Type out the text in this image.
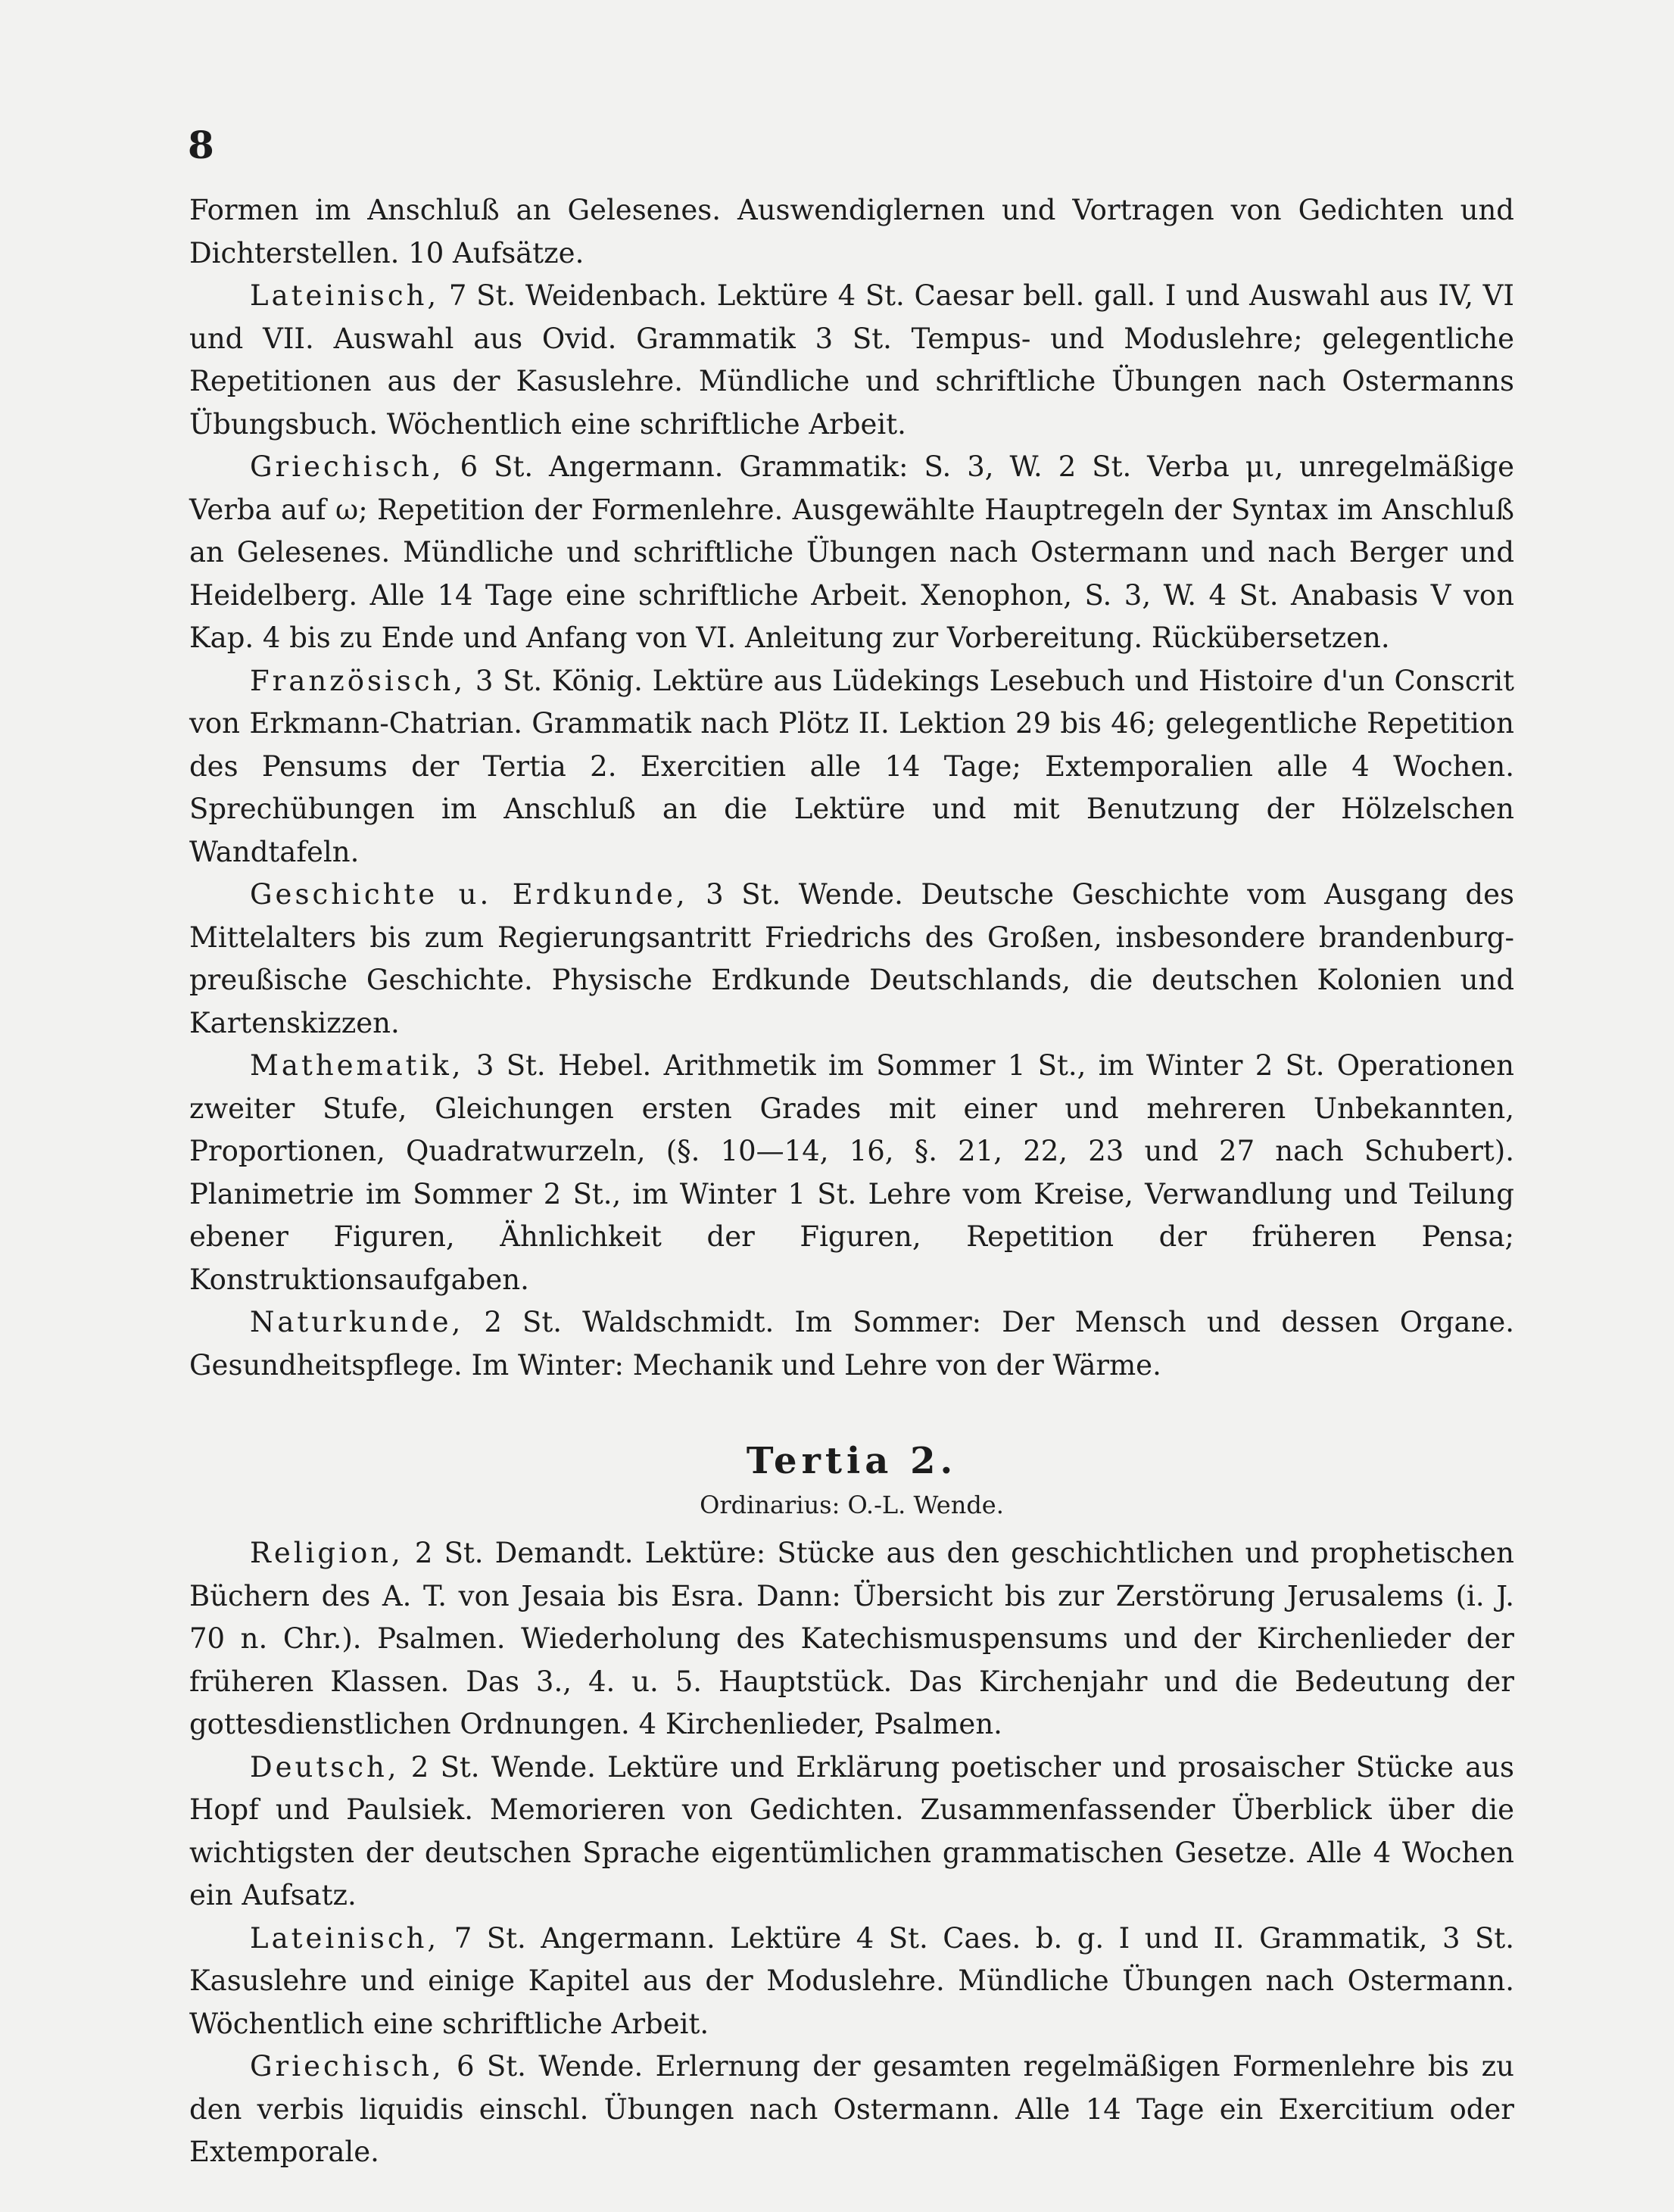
8

Formen im Anschluß an Gelesenes. Auswendiglernen und Vortragen von Gedichten und Dichterstellen. 10 Aufsätze.

Lateinisch, 7 St. Weidenbach. Lektüre 4 St. Caesar bell. gall. I und Auswahl aus IV, VI und VII. Auswahl aus Ovid. Grammatik 3 St. Tempus- und Moduslehre; gelegentliche Repetitionen aus der Kasuslehre. Mündliche und schriftliche Übungen nach Ostermanns Übungsbuch. Wöchentlich eine schriftliche Arbeit.

Griechisch, 6 St. Angermann. Grammatik: S. 3, W. 2 St. Verba μι, unregelmäßige Verba auf ω; Repetition der Formenlehre. Ausgewählte Hauptregeln der Syntax im Anschluß an Gelesenes. Mündliche und schriftliche Übungen nach Ostermann und nach Berger und Heidelberg. Alle 14 Tage eine schriftliche Arbeit. Xenophon, S. 3, W. 4 St. Anabasis V von Kap. 4 bis zu Ende und Anfang von VI. Anleitung zur Vorbereitung. Rückübersetzen.

Französisch, 3 St. König. Lektüre aus Lüdekings Lesebuch und Histoire d'un Conscrit von Erkmann-Chatrian. Grammatik nach Plötz II. Lektion 29 bis 46; gelegentliche Repetition des Pensums der Tertia 2. Exercitien alle 14 Tage; Extemporalien alle 4 Wochen. Sprechübungen im Anschluß an die Lektüre und mit Benutzung der Hölzelschen Wandtafeln.

Geschichte u. Erdkunde, 3 St. Wende. Deutsche Geschichte vom Ausgang des Mittelalters bis zum Regierungsantritt Friedrichs des Großen, insbesondere brandenburg-preußische Geschichte. Physische Erdkunde Deutschlands, die deutschen Kolonien und Kartenskizzen.

Mathematik, 3 St. Hebel. Arithmetik im Sommer 1 St., im Winter 2 St. Operationen zweiter Stufe, Gleichungen ersten Grades mit einer und mehreren Unbekannten, Proportionen, Quadratwurzeln, (§. 10—14, 16, §. 21, 22, 23 und 27 nach Schubert). Planimetrie im Sommer 2 St., im Winter 1 St. Lehre vom Kreise, Verwandlung und Teilung ebener Figuren, Ähnlichkeit der Figuren, Repetition der früheren Pensa; Konstruktionsaufgaben.

Naturkunde, 2 St. Waldschmidt. Im Sommer: Der Mensch und dessen Organe. Gesundheitspflege. Im Winter: Mechanik und Lehre von der Wärme.

Tertia 2.
Ordinarius: O.-L. Wende.

Religion, 2 St. Demandt. Lektüre: Stücke aus den geschichtlichen und prophetischen Büchern des A. T. von Jesaia bis Esra. Dann: Übersicht bis zur Zerstörung Jerusalems (i. J. 70 n. Chr.). Psalmen. Wiederholung des Katechismuspensums und der Kirchenlieder der früheren Klassen. Das 3., 4. u. 5. Hauptstück. Das Kirchenjahr und die Bedeutung der gottesdienstlichen Ordnungen. 4 Kirchenlieder, Psalmen.

Deutsch, 2 St. Wende. Lektüre und Erklärung poetischer und prosaischer Stücke aus Hopf und Paulsiek. Memorieren von Gedichten. Zusammenfassender Überblick über die wichtigsten der deutschen Sprache eigentümlichen grammatischen Gesetze. Alle 4 Wochen ein Aufsatz.

Lateinisch, 7 St. Angermann. Lektüre 4 St. Caes. b. g. I und II. Grammatik, 3 St. Kasuslehre und einige Kapitel aus der Moduslehre. Mündliche Übungen nach Ostermann. Wöchentlich eine schriftliche Arbeit.

Griechisch, 6 St. Wende. Erlernung der gesamten regelmäßigen Formenlehre bis zu den verbis liquidis einschl. Übungen nach Ostermann. Alle 14 Tage ein Exercitium oder Extemporale.
